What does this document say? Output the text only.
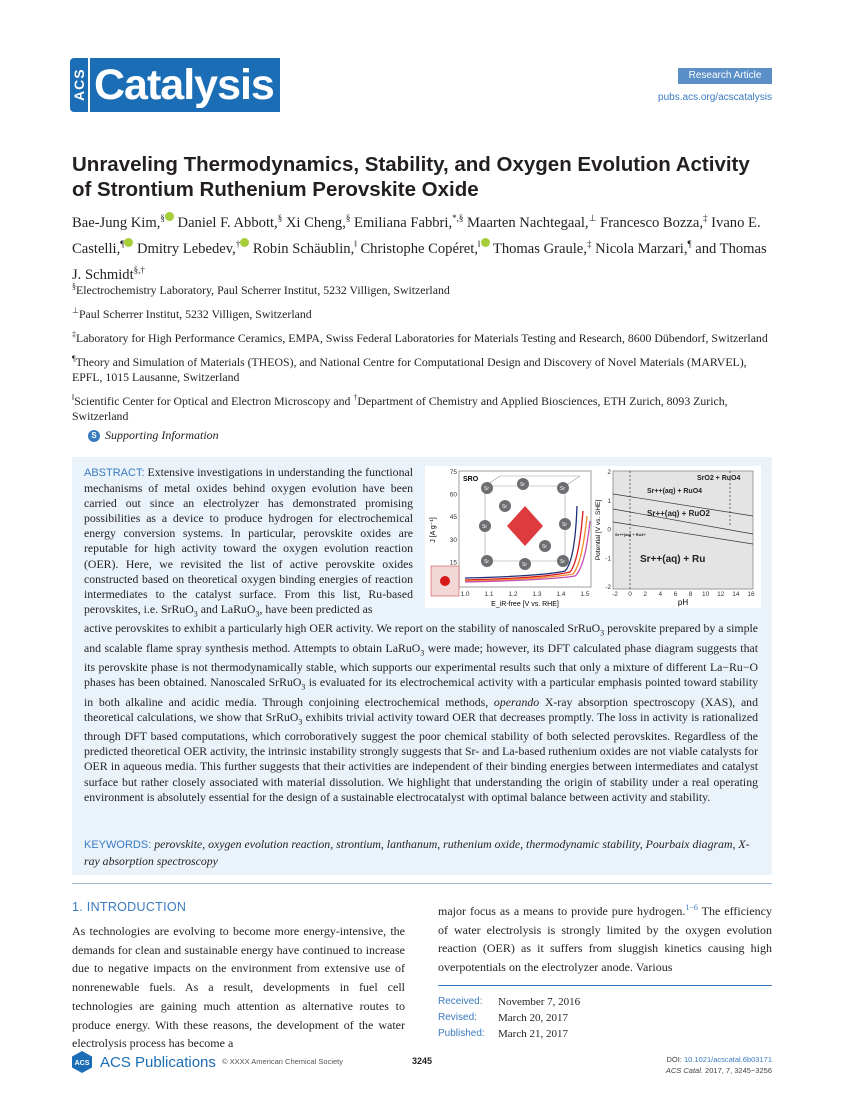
ACS Catalysis	Research Article
pubs.acs.org/acscatalysis
Unraveling Thermodynamics, Stability, and Oxygen Evolution Activity of Strontium Ruthenium Perovskite Oxide
Bae-Jung Kim,§ Daniel F. Abbott,§ Xi Cheng,§ Emiliana Fabbri,*,§ Maarten Nachtegaal,⊥ Francesco Bozza,‡ Ivano E. Castelli,¶ Dmitry Lebedev,† Robin Schäublin,‖ Christophe Copéret,‖ Thomas Graule,‡ Nicola Marzari,¶ and Thomas J. Schmidt§,†

§Electrochemistry Laboratory, Paul Scherrer Institut, 5232 Villigen, Switzerland

⊥Paul Scherrer Institut, 5232 Villigen, Switzerland

‡Laboratory for High Performance Ceramics, EMPA, Swiss Federal Laboratories for Materials Testing and Research, 8600 Dübendorf, Switzerland

¶Theory and Simulation of Materials (THEOS), and National Centre for Computational Design and Discovery of Novel Materials (MARVEL), EPFL, 1015 Lausanne, Switzerland

‖Scientific Center for Optical and Electron Microscopy and †Department of Chemistry and Applied Biosciences, ETH Zurich, 8093 Zurich, Switzerland

S Supporting Information

ABSTRACT: Extensive investigations in understanding the functional mechanisms of metal oxides behind oxygen evolution have been carried out since an electrolyzer has demonstrated promising possibilities as a device to produce hydrogen for electrochemical energy conversion systems. In particular, perovskite oxides are reputable for high activity toward the oxygen evolution reaction (OER). Here, we revisited the list of active perovskite oxides constructed based on theoretical oxygen binding energies of reaction intermediates to the catalyst surface. From this list, Ru-based perovskites, i.e. SrRuO$_3$ and LaRuO$_3$, have been predicted as

active perovskites to exhibit a particularly high OER activity. We report on the stability of nanoscaled SrRuO$_3$ perovskite prepared by a simple and scalable flame spray synthesis method. Attempts to obtain LaRuO$_3$ were made; however, its DFT calculated phase diagram suggests that its perovskite phase is not thermodynamically stable, which supports our experimental results such that only a mixture of different La−Ru−O phases has been obtained. Nanoscaled SrRuO$_3$ is evaluated for its electrochemical activity with a particular emphasis pointed toward stability in both alkaline and acidic media. Through conjoining electrochemical methods, operando X-ray absorption spectroscopy (XAS), and theoretical calculations, we show that SrRuO$_3$ exhibits trivial activity toward OER that decreases promptly. The loss in activity is rationalized through DFT based computations, which corroboratively suggest the poor chemical stability of both selected perovskites. Regardless of the predicted theoretical OER activity, the intrinsic instability strongly suggests that Sr- and La-based ruthenium oxides are not viable catalysts for OER in aqueous media. This further suggests that their activities are independent of their binding energies between intermediates and catalyst surface but rather closely associated with material dissolution. We highlight that understanding the origin of stability under a real operating environment is absolutely essential for the design of a sustainable electrocatalyst with optimal balance between activity and stability.

SRO
75
60
45
30
15
1.0 1.1 1.2 1.3 1.4 1.5
J [A g⁻¹]
E_iR-free [V vs. RHE]
Sr
Sr
Sr
Sr	Sr
Sr	Sr	Sr
Sr
Sr
2
1
0
-1
-2
-2 0 2 4 6 8 10 12 14 16
Potential [V vs. SHE]
pH
SrO2 + RuO4
Sr++(aq) + RuO4
Sr++(aq) + RuO2
Sr++(aq) + Ru
Sr++(aq) + Ru3+
KEYWORDS: perovskite, oxygen evolution reaction, strontium, lanthanum, ruthenium oxide, thermodynamic stability, Pourbaix diagram, X-ray absorption spectroscopy
1. INTRODUCTION

As technologies are evolving to become more energy-intensive, the demands for clean and sustainable energy have continued to increase due to negative impacts on the environment from extensive use of nonrenewable fuels. As a result, developments in fuel cell technologies are gaining much attention as alternative routes to produce energy. With these reasons, the development of the water electrolysis process has become a

major focus as a means to provide pure hydrogen.$^{1-6}$ The efficiency of water electrolysis is strongly limited by the oxygen evolution reaction (OER) as it suffers from sluggish kinetics causing high overpotentials on the electrolyzer anode. Various

Received:	November 7, 2016
Revised:	March 20, 2017
Published:	March 21, 2017
ACS ACS Publications © XXXX American Chemical Society	3245	DOI: 10.1021/acscatal.6b03171
ACS Catal. 2017, 7, 3245−3256
